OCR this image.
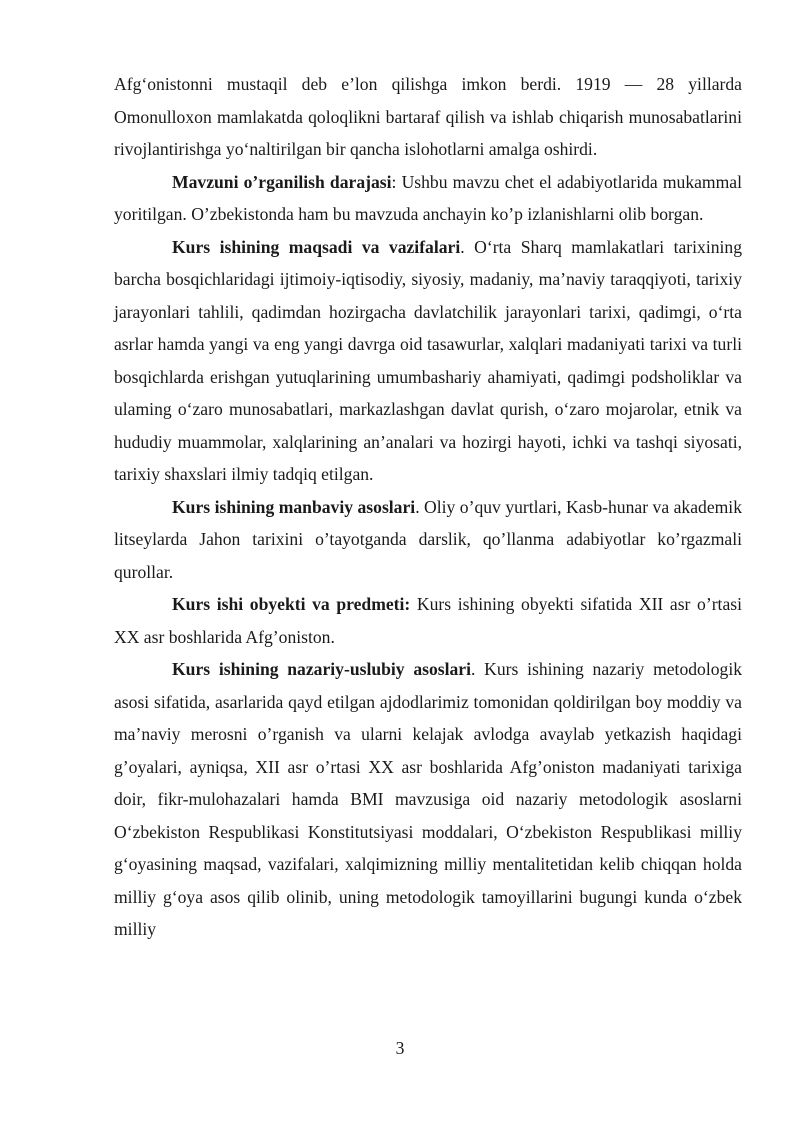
Afg‘onistonni mustaqil deb e’lon qilishga imkon berdi. 1919 — 28 yillarda Omonulloxon mamlakatda qoloqlikni bartaraf qilish va ishlab chiqarish munosabatlarini rivojlantirishga yo‘naltirilgan bir qancha islohotlarni amalga oshirdi.

Mavzuni o’rganilish darajasi: Ushbu mavzu chet el adabiyotlarida mukammal yoritilgan. O’zbekistonda ham bu mavzuda anchayin ko’p izlanishlarni olib borgan.

Kurs ishining maqsadi va vazifalari. O‘rta Sharq mamlakatlari tarixining barcha bosqichlaridagi ijtimoiy-iqtisodiy, siyosiy, madaniy, ma’naviy taraqqiyoti, tarixiy jarayonlari tahlili, qadimdan hozirgacha davlatchilik jarayonlari tarixi, qadimgi, o‘rta asrlar hamda yangi va eng yangi davrga oid tasawurlar, xalqlari madaniyati tarixi va turli bosqichlarda erishgan yutuqlarining umumbashariy ahamiyati, qadimgi podsholiklar va ulaming o‘zaro munosabatlari, markazlashgan davlat qurish, o‘zaro mojarolar, etnik va hududiy muammolar, xalqlarining an’analari va hozirgi hayoti, ichki va tashqi siyosati, tarixiy shaxslari ilmiy tadqiq etilgan.

Kurs ishining manbaviy asoslari. Oliy o’quv yurtlari, Kasb-hunar va akademik litseylarda Jahon tarixini o’tayotganda darslik, qo’llanma adabiyotlar ko’rgazmali qurollar.

Kurs ishi obyekti va predmeti: Kurs ishining obyekti sifatida XII asr o’rtasi XX asr boshlarida Afg’oniston.

Kurs ishining nazariy-uslubiy asoslari. Kurs ishining nazariy metodologik asosi sifatida, asarlarida qayd etilgan ajdodlarimiz tomonidan qoldirilgan boy moddiy va ma’naviy merosni o’rganish va ularni kelajak avlodga avaylab yetkazish haqidagi g’oyalari, ayniqsa, XII asr o’rtasi XX asr boshlarida Afg’oniston madaniyati tarixiga doir, fikr-mulohazalari hamda BMI mavzusiga oid nazariy metodologik asoslarni O‘zbekiston Respublikasi Konstitutsiyasi moddalari, O‘zbekiston Respublikasi milliy g‘oyasining maqsad, vazifalari, xalqimizning milliy mentalitetidan kelib chiqqan holda milliy g‘oya asos qilib olinib, uning metodologik tamoyillarini bugungi kunda o‘zbek milliy

3
